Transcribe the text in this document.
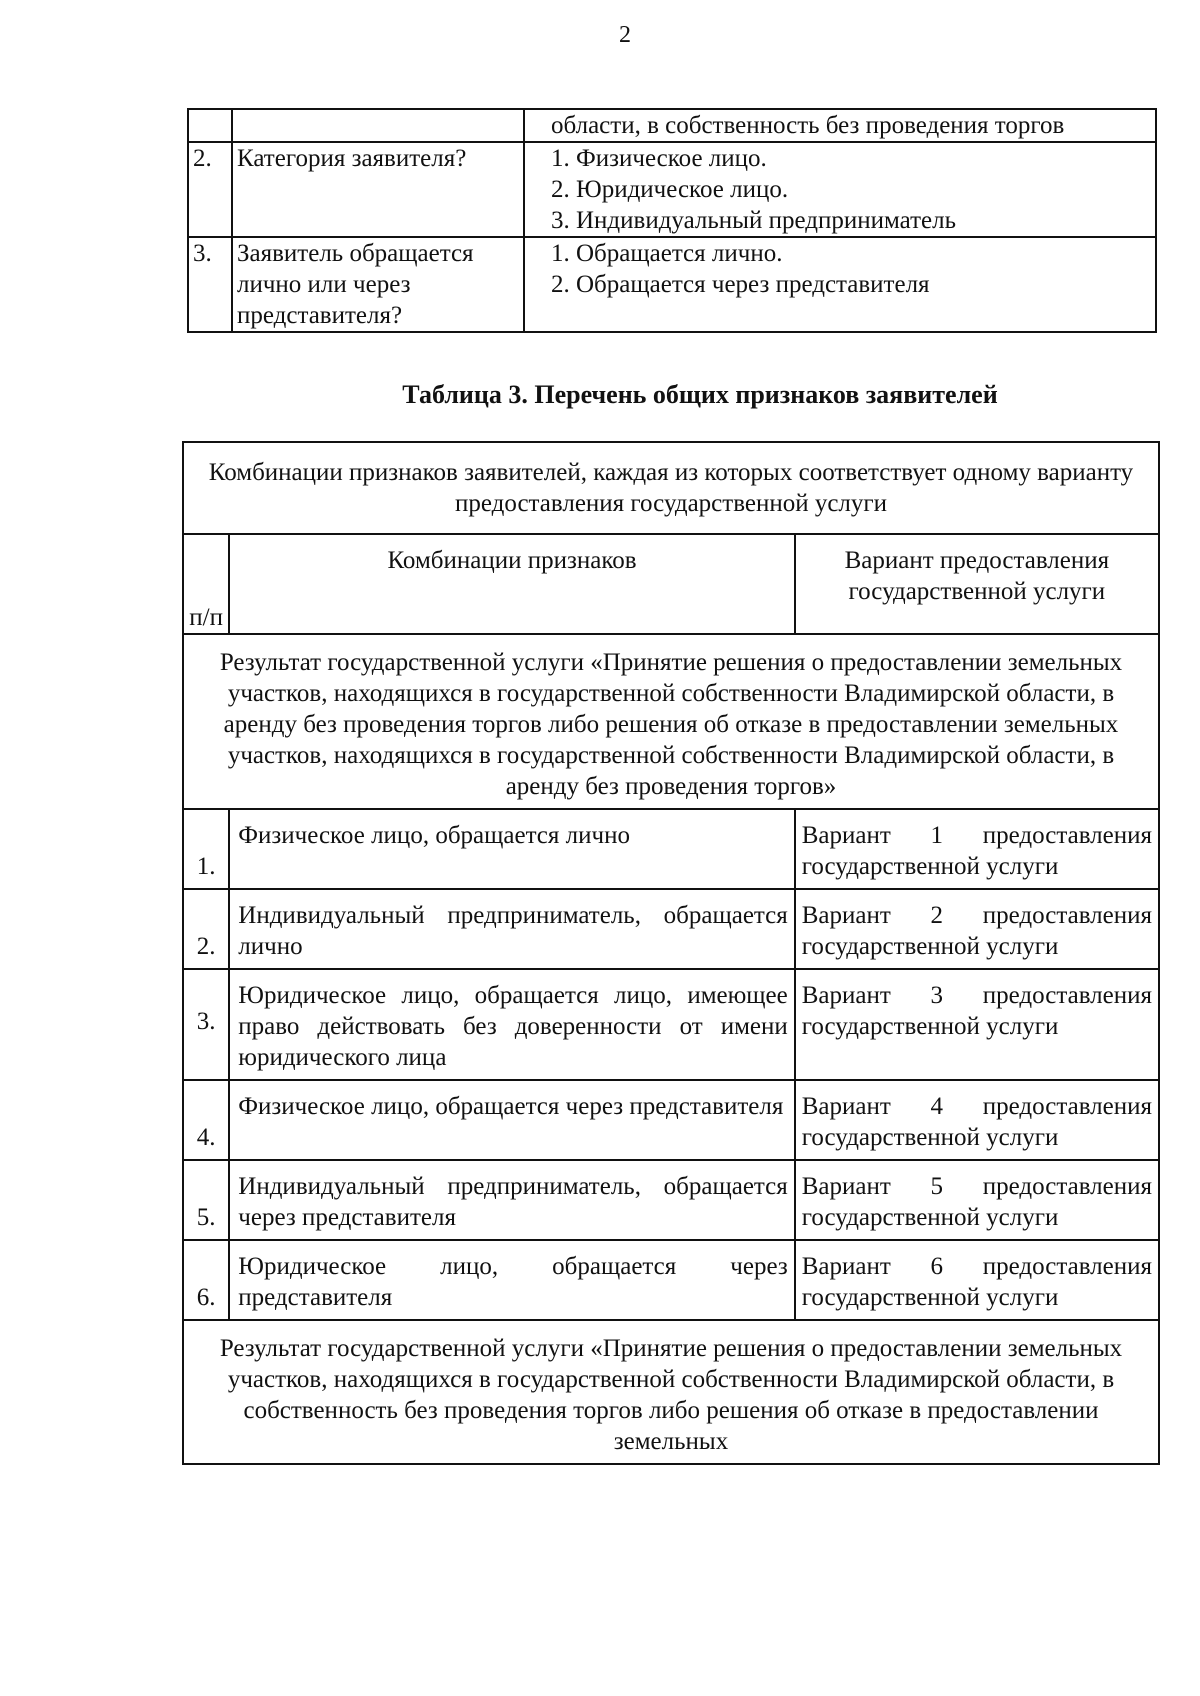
2

		области, в собственность без проведения торгов

2.	Категория заявителя?	1. Физическое лицо.
2. Юридическое лицо.
3. Индивидуальный предприниматель

3.	Заявитель обращается лично или через представителя?	1. Обращается лично.
2. Обращается через представителя
Таблица 3. Перечень общих признаков заявителей
Комбинации признаков заявителей, каждая из которых соответствует одному варианту предоставления государственной услуги		
п/п	Комбинации признаков	Вариант предоставления государственной услуги
Результат государственной услуги «Принятие решения о предоставлении земельных участков, находящихся в государственной собственности Владимирской области, в аренду без проведения торгов либо решения об отказе в предоставлении земельных участков, находящихся в государственной собственности Владимирской области, в аренду без проведения торгов»		
1.	Физическое лицо, обращается лично	Вариант 1 предоставления государственной услуги
2.	Индивидуальный предприниматель, обращается лично	Вариант 2 предоставления государственной услуги
3.	Юридическое лицо, обращается лицо, имеющее право действовать без доверенности от имени юридического лица	Вариант 3 предоставления государственной услуги
4.	Физическое лицо, обращается через представителя	Вариант 4 предоставления государственной услуги
5.	Индивидуальный предприниматель, обращается через представителя	Вариант 5 предоставления государственной услуги
6.	Юридическое лицо, обращается через представителя	Вариант 6 предоставления государственной услуги
Результат государственной услуги «Принятие решения о предоставлении земельных участков, находящихся в государственной собственности Владимирской области, в собственность без проведения торгов либо решения об отказе в предоставлении земельных		
